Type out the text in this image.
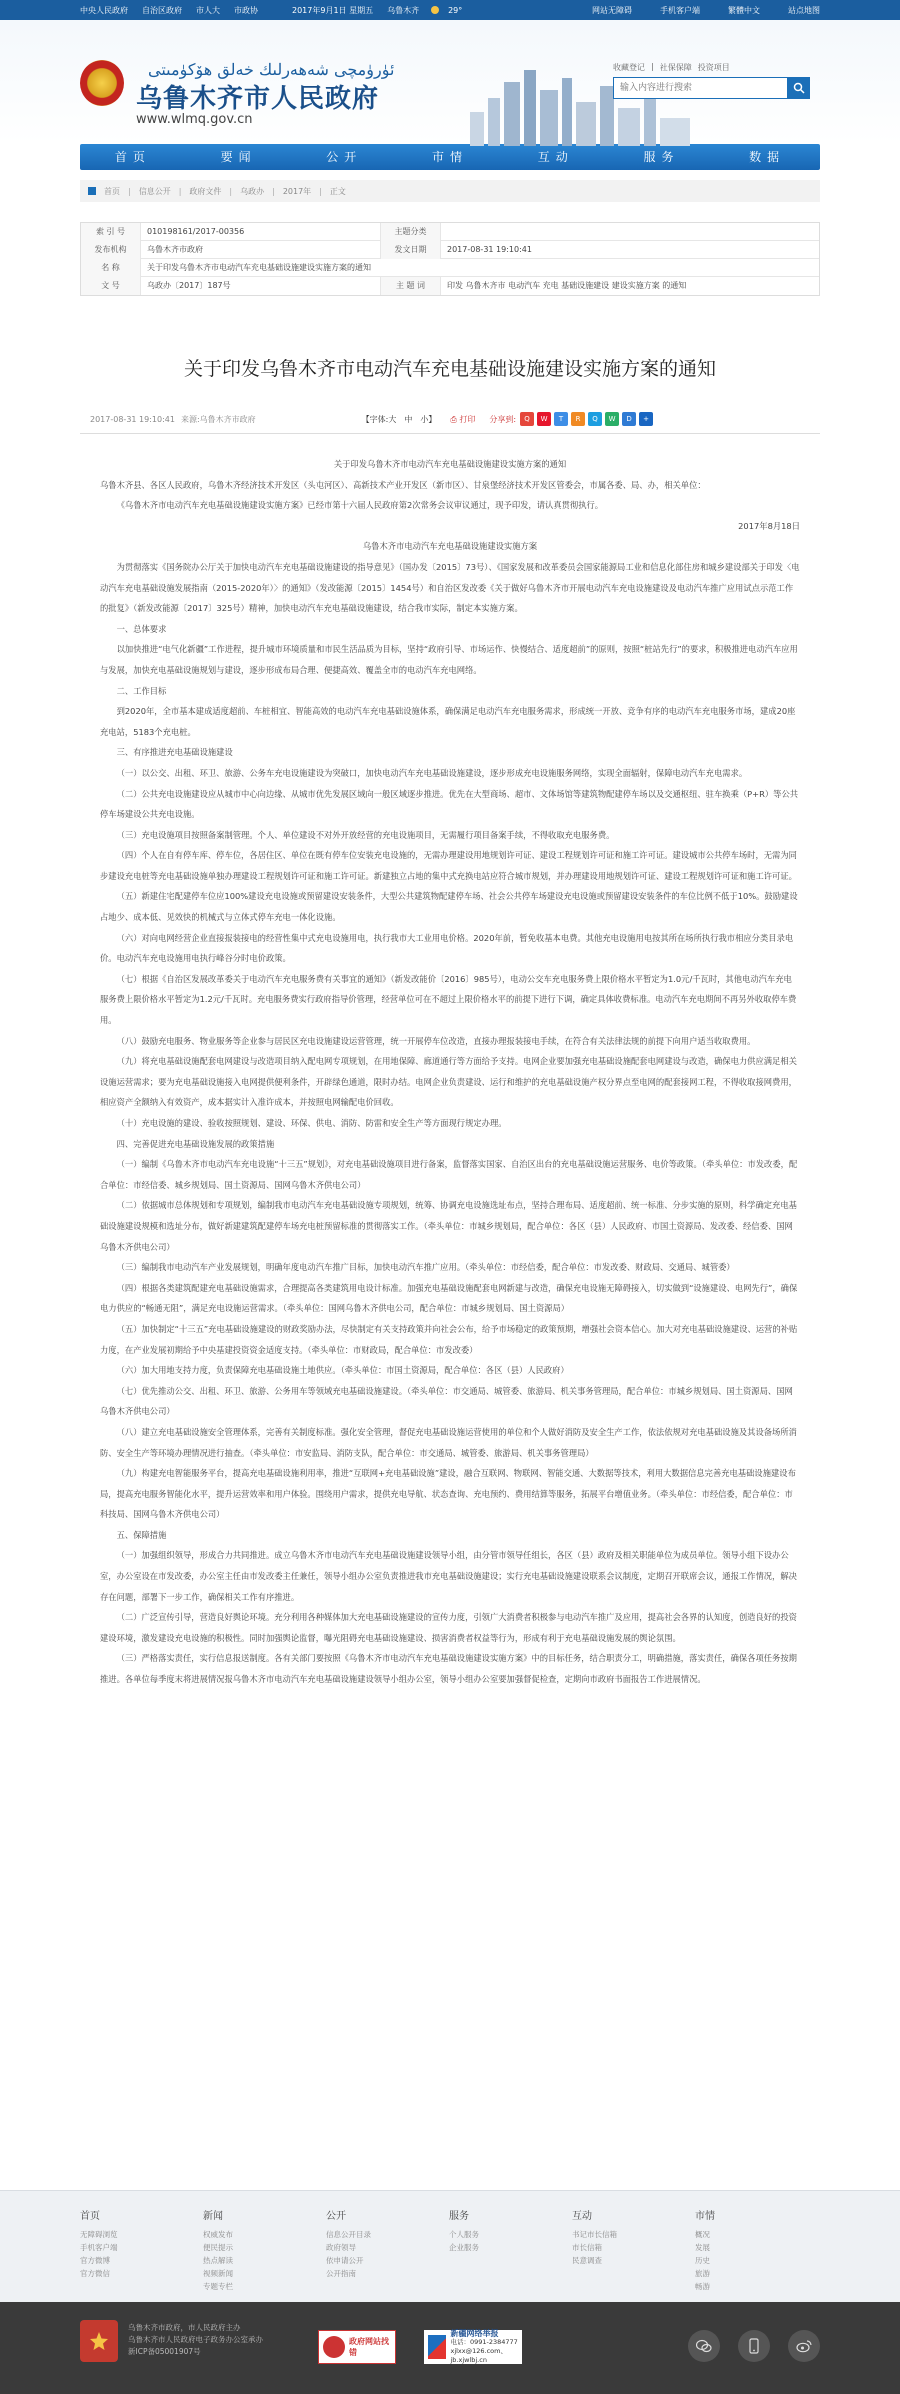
中央人民政府 自治区政府 市人大 市政协	2017年9月1日 星期五 乌鲁木齐	29°	网站无障碍	手机客户端	繁體中文	站点地图
ئۈرۈمچى شەھەرلىك خەلق ھۆكۈمىتى
乌鲁木齐市人民政府
www.wlmq.gov.cn
收藏登记 | 社保保障 投资项目
输入内容进行搜索
首页	要闻	公开	市情	互动	服务	数据
首页 | 信息公开 | 政府文件 | 乌政办 | 2017年 | 正文
索 引 号	010198161/2017-00356	主题分类
发布机构	乌鲁木齐市政府	发文日期	2017-08-31 19:10:41
名 称	关于印发乌鲁木齐市电动汽车充电基础设施建设实施方案的通知
文 号	乌政办〔2017〕187号	主 题 词	印发 乌鲁木齐市 电动汽车 充电 基础设施建设 建设实施方案 的通知
关于印发乌鲁木齐市电动汽车充电基础设施建设实施方案的通知
2017-08-31 19:10:41 来源:乌鲁木齐市政府	【字体:大　中　小】 ⎙ 打印 分享到:	Q	W	T	R	Q	W	D	+

关于印发乌鲁木齐市电动汽车充电基础设施建设实施方案的通知

乌鲁木齐县、各区人民政府，乌鲁木齐经济技术开发区（头屯河区）、高新技术产业开发区（新市区）、甘泉堡经济技术开发区管委会，市属各委、局、办，相关单位：

《乌鲁木齐市电动汽车充电基础设施建设实施方案》已经市第十六届人民政府第2次常务会议审议通过，现予印发，请认真贯彻执行。

2017年8月18日

乌鲁木齐市电动汽车充电基础设施建设实施方案

为贯彻落实《国务院办公厅关于加快电动汽车充电基础设施建设的指导意见》（国办发〔2015〕73号）、《国家发展和改革委员会国家能源局工业和信息化部住房和城乡建设部关于印发〈电动汽车充电基础设施发展指南（2015-2020年）〉的通知》（发改能源〔2015〕1454号）和自治区发改委《关于做好乌鲁木齐市开展电动汽车充电设施建设及电动汽车推广应用试点示范工作的批复》（新发改能源〔2017〕325号）精神，加快电动汽车充电基础设施建设，结合我市实际，制定本实施方案。

一、总体要求

以加快推进“电气化新疆”工作进程，提升城市环境质量和市民生活品质为目标，坚持“政府引导、市场运作、快慢结合、适度超前”的原则，按照“桩站先行”的要求，积极推进电动汽车应用与发展，加快充电基础设施规划与建设，逐步形成布局合理、便捷高效、覆盖全市的电动汽车充电网络。

二、工作目标

到2020年，全市基本建成适度超前、车桩相宜、智能高效的电动汽车充电基础设施体系，确保满足电动汽车充电服务需求，形成统一开放、竞争有序的电动汽车充电服务市场，建成20座充电站，5183个充电桩。

三、有序推进充电基础设施建设

（一）以公交、出租、环卫、旅游、公务车充电设施建设为突破口，加快电动汽车充电基础设施建设，逐步形成充电设施服务网络，实现全面辐射，保障电动汽车充电需求。

（二）公共充电设施建设应从城市中心向边缘、从城市优先发展区域向一般区域逐步推进。优先在大型商场、超市、文体场馆等建筑物配建停车场以及交通枢纽、驻车换乘（P+R）等公共停车场建设公共充电设施。

（三）充电设施项目按照备案制管理。个人、单位建设不对外开放经营的充电设施项目，无需履行项目备案手续，不得收取充电服务费。

（四）个人在自有停车库、停车位，各居住区、单位在既有停车位安装充电设施的，无需办理建设用地规划许可证、建设工程规划许可证和施工许可证。建设城市公共停车场时，无需为同步建设充电桩等充电基础设施单独办理建设工程规划许可证和施工许可证。新建独立占地的集中式充换电站应符合城市规划，并办理建设用地规划许可证、建设工程规划许可证和施工许可证。

（五）新建住宅配建停车位应100%建设充电设施或预留建设安装条件，大型公共建筑物配建停车场、社会公共停车场建设充电设施或预留建设安装条件的车位比例不低于10%。鼓励建设占地少、成本低、见效快的机械式与立体式停车充电一体化设施。

（六）对向电网经营企业直接报装接电的经营性集中式充电设施用电，执行我市大工业用电价格。2020年前，暂免收基本电费。其他充电设施用电按其所在场所执行我市相应分类目录电价。电动汽车充电设施用电执行峰谷分时电价政策。

（七）根据《自治区发展改革委关于电动汽车充电服务费有关事宜的通知》（新发改能价〔2016〕985号），电动公交车充电服务费上限价格水平暂定为1.0元/千瓦时，其他电动汽车充电服务费上限价格水平暂定为1.2元/千瓦时。充电服务费实行政府指导价管理，经营单位可在不超过上限价格水平的前提下进行下调，确定具体收费标准。电动汽车充电期间不再另外收取停车费用。

（八）鼓励充电服务、物业服务等企业参与居民区充电设施建设运营管理，统一开展停车位改造，直接办理报装接电手续，在符合有关法律法规的前提下向用户适当收取费用。

（九）将充电基础设施配套电网建设与改造项目纳入配电网专项规划，在用地保障、廊道通行等方面给予支持。电网企业要加强充电基础设施配套电网建设与改造，确保电力供应满足相关设施运营需求；要为充电基础设施接入电网提供便利条件，开辟绿色通道，限时办结。电网企业负责建设、运行和维护的充电基础设施产权分界点至电网的配套接网工程，不得收取接网费用，相应资产全额纳入有效资产，成本据实计入准许成本，并按照电网输配电价回收。

（十）充电设施的建设、验收按照规划、建设、环保、供电、消防、防雷和安全生产等方面现行规定办理。

四、完善促进充电基础设施发展的政策措施

（一）编制《乌鲁木齐市电动汽车充电设施“十三五”规划》，对充电基础设施项目进行备案，监督落实国家、自治区出台的充电基础设施运营服务、电价等政策。（牵头单位：市发改委，配合单位：市经信委、城乡规划局、国土资源局、国网乌鲁木齐供电公司）

（二）依据城市总体规划和专项规划，编制我市电动汽车充电基础设施专项规划，统筹、协调充电设施选址布点，坚持合理布局、适度超前、统一标准、分步实施的原则，科学确定充电基础设施建设规模和选址分布，做好新建建筑配建停车场充电桩预留标准的贯彻落实工作。（牵头单位：市城乡规划局，配合单位：各区（县）人民政府、市国土资源局、发改委、经信委、国网乌鲁木齐供电公司）

（三）编制我市电动汽车产业发展规划，明确年度电动汽车推广目标，加快电动汽车推广应用。（牵头单位：市经信委，配合单位：市发改委、财政局、交通局、城管委）

（四）根据各类建筑配建充电基础设施需求，合理提高各类建筑用电设计标准。加强充电基础设施配套电网新建与改造，确保充电设施无障碍接入，切实做到“设施建设、电网先行”，确保电力供应的“畅通无阻”，满足充电设施运营需求。（牵头单位：国网乌鲁木齐供电公司，配合单位：市城乡规划局、国土资源局）

（五）加快制定“十三五”充电基础设施建设的财政奖励办法，尽快制定有关支持政策并向社会公布，给予市场稳定的政策预期，增强社会资本信心。加大对充电基础设施建设、运营的补贴力度，在产业发展初期给予中央基建投资资金适度支持。（牵头单位：市财政局，配合单位：市发改委）

（六）加大用地支持力度，负责保障充电基础设施土地供应。（牵头单位：市国土资源局，配合单位：各区（县）人民政府）

（七）优先推动公交、出租、环卫、旅游、公务用车等领域充电基础设施建设。（牵头单位：市交通局、城管委、旅游局、机关事务管理局，配合单位：市城乡规划局、国土资源局、国网乌鲁木齐供电公司）

（八）建立充电基础设施安全管理体系，完善有关制度标准。强化安全管理，督促充电基础设施运营使用的单位和个人做好消防及安全生产工作，依法依规对充电基础设施及其设备场所消防、安全生产等环境办理情况进行抽查。（牵头单位：市安监局、消防支队，配合单位：市交通局、城管委、旅游局、机关事务管理局）

（九）构建充电智能服务平台，提高充电基础设施利用率，推进“互联网+充电基础设施”建设，融合互联网、物联网、智能交通、大数据等技术，利用大数据信息完善充电基础设施建设布局，提高充电服务智能化水平，提升运营效率和用户体验。围绕用户需求，提供充电导航、状态查询、充电预约、费用结算等服务，拓展平台增值业务。（牵头单位：市经信委，配合单位：市科技局、国网乌鲁木齐供电公司）

五、保障措施

（一）加强组织领导，形成合力共同推进。成立乌鲁木齐市电动汽车充电基础设施建设领导小组，由分管市领导任组长，各区（县）政府及相关职能单位为成员单位。领导小组下设办公室，办公室设在市发改委，办公室主任由市发改委主任兼任，领导小组办公室负责推进我市充电基础设施建设；实行充电基础设施建设联系会议制度，定期召开联席会议，通报工作情况，解决存在问题，部署下一步工作，确保相关工作有序推进。

（二）广泛宣传引导，营造良好舆论环境。充分利用各种媒体加大充电基础设施建设的宣传力度，引领广大消费者积极参与电动汽车推广及应用，提高社会各界的认知度，创造良好的投资建设环境，激发建设充电设施的积极性。同时加强舆论监督，曝光阻碍充电基础设施建设、损害消费者权益等行为，形成有利于充电基础设施发展的舆论氛围。

（三）严格落实责任，实行信息报送制度。各有关部门要按照《乌鲁木齐市电动汽车充电基础设施建设实施方案》中的目标任务，结合职责分工，明确措施，落实责任，确保各项任务按期推进。各单位每季度末将进展情况报乌鲁木齐市电动汽车充电基础设施建设领导小组办公室，领导小组办公室要加强督促检查，定期向市政府书面报告工作进展情况。

首页
无障碍浏览
手机客户端
官方微博
官方微信
新闻
权威发布
便民提示
热点解读
视频新闻
专题专栏
公开
信息公开目录
政府领导
依申请公开
公开指南
服务
个人服务
企业服务
互动
书记市长信箱
市长信箱
民意调查
市情
概况
发展
历史
旅游
畅游
乌鲁木齐市政府，市人民政府主办
乌鲁木齐市人民政府电子政务办公室承办
新ICP备05001907号
政府网站找错
新疆网络举报
电话：0991-2384777
xjlxx@126.com、jb.xjwlbj.cn
